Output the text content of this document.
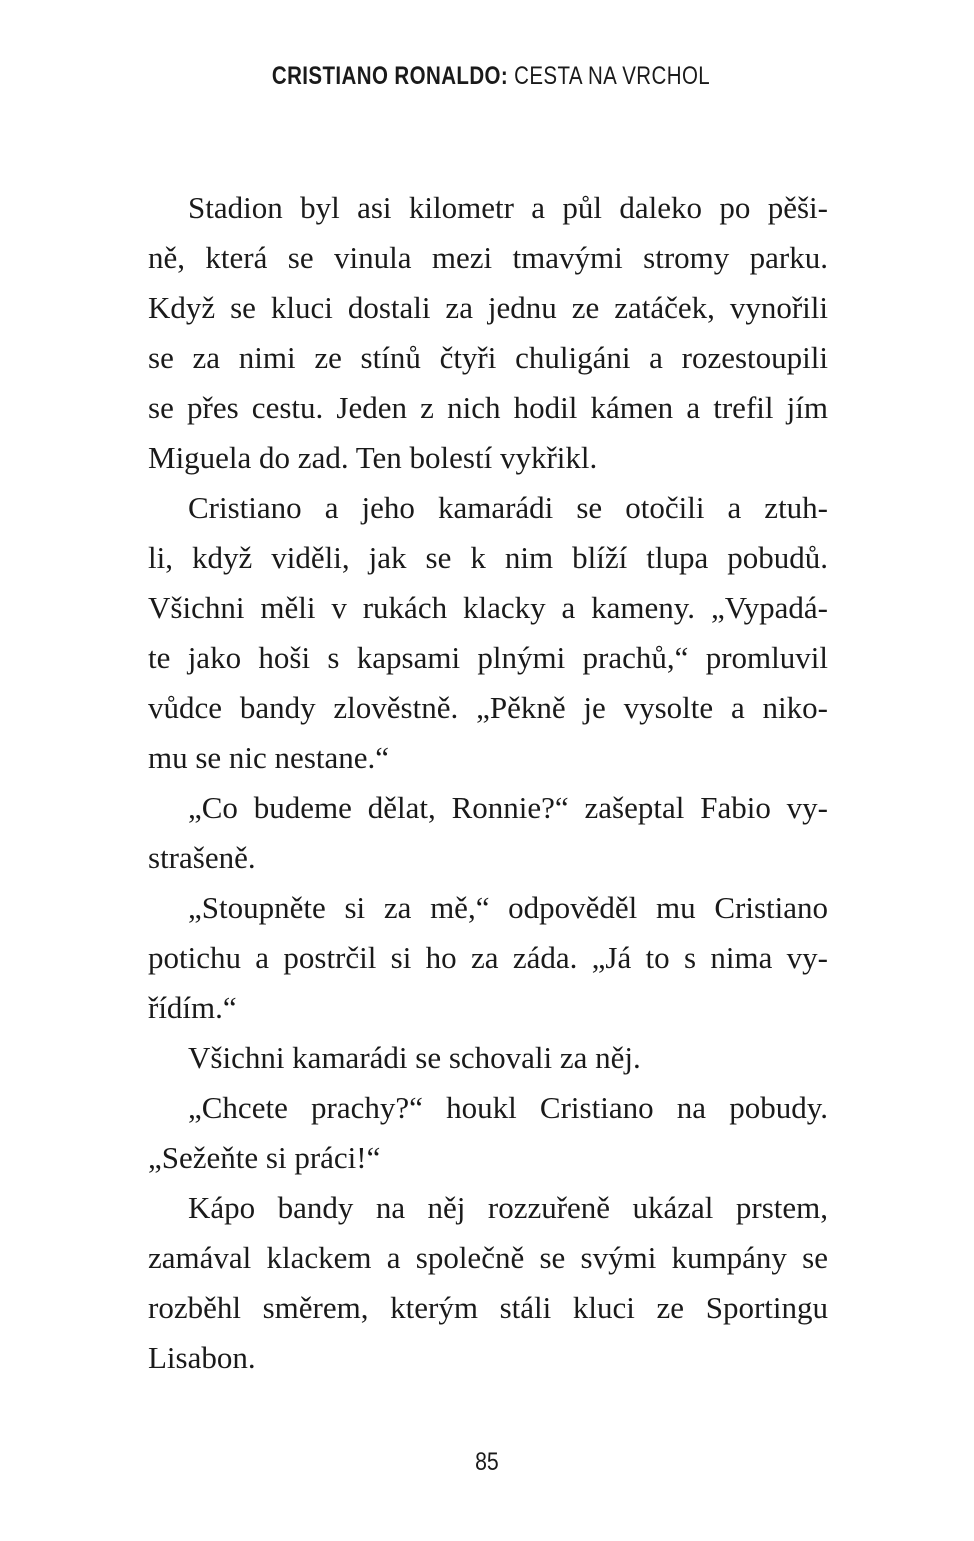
CRISTIANO RONALDO: CESTA NA VRCHOL
Stadion byl asi kilometr a půl daleko po pěši-
ně, která se vinula mezi tmavými stromy parku.
Když se kluci dostali za jednu ze zatáček, vynořili
se za nimi ze stínů čtyři chuligáni a rozestoupili
se přes cestu. Jeden z nich hodil kámen a trefil jím
Miguela do zad. Ten bolestí vykřikl.
Cristiano a jeho kamarádi se otočili a ztuh-
li, když viděli, jak se k nim blíží tlupa pobudů.
Všichni měli v rukách klacky a kameny. „Vypadá-
te jako hoši s kapsami plnými prachů,“ promluvil
vůdce bandy zlověstně. „Pěkně je vysolte a niko-
mu se nic nestane.“
„Co budeme dělat, Ronnie?“ zašeptal Fabio vy-
strašeně.
„Stoupněte si za mě,“ odpověděl mu Cristiano
potichu a postrčil si ho za záda. „Já to s nima vy-
řídím.“
Všichni kamarádi se schovali za něj.
„Chcete prachy?“ houkl Cristiano na pobudy.
„Sežeňte si práci!“
Kápo bandy na něj rozzuřeně ukázal prstem,
zamával klackem a společně se svými kumpány se
rozběhl směrem, kterým stáli kluci ze Sportingu
Lisabon.
85
